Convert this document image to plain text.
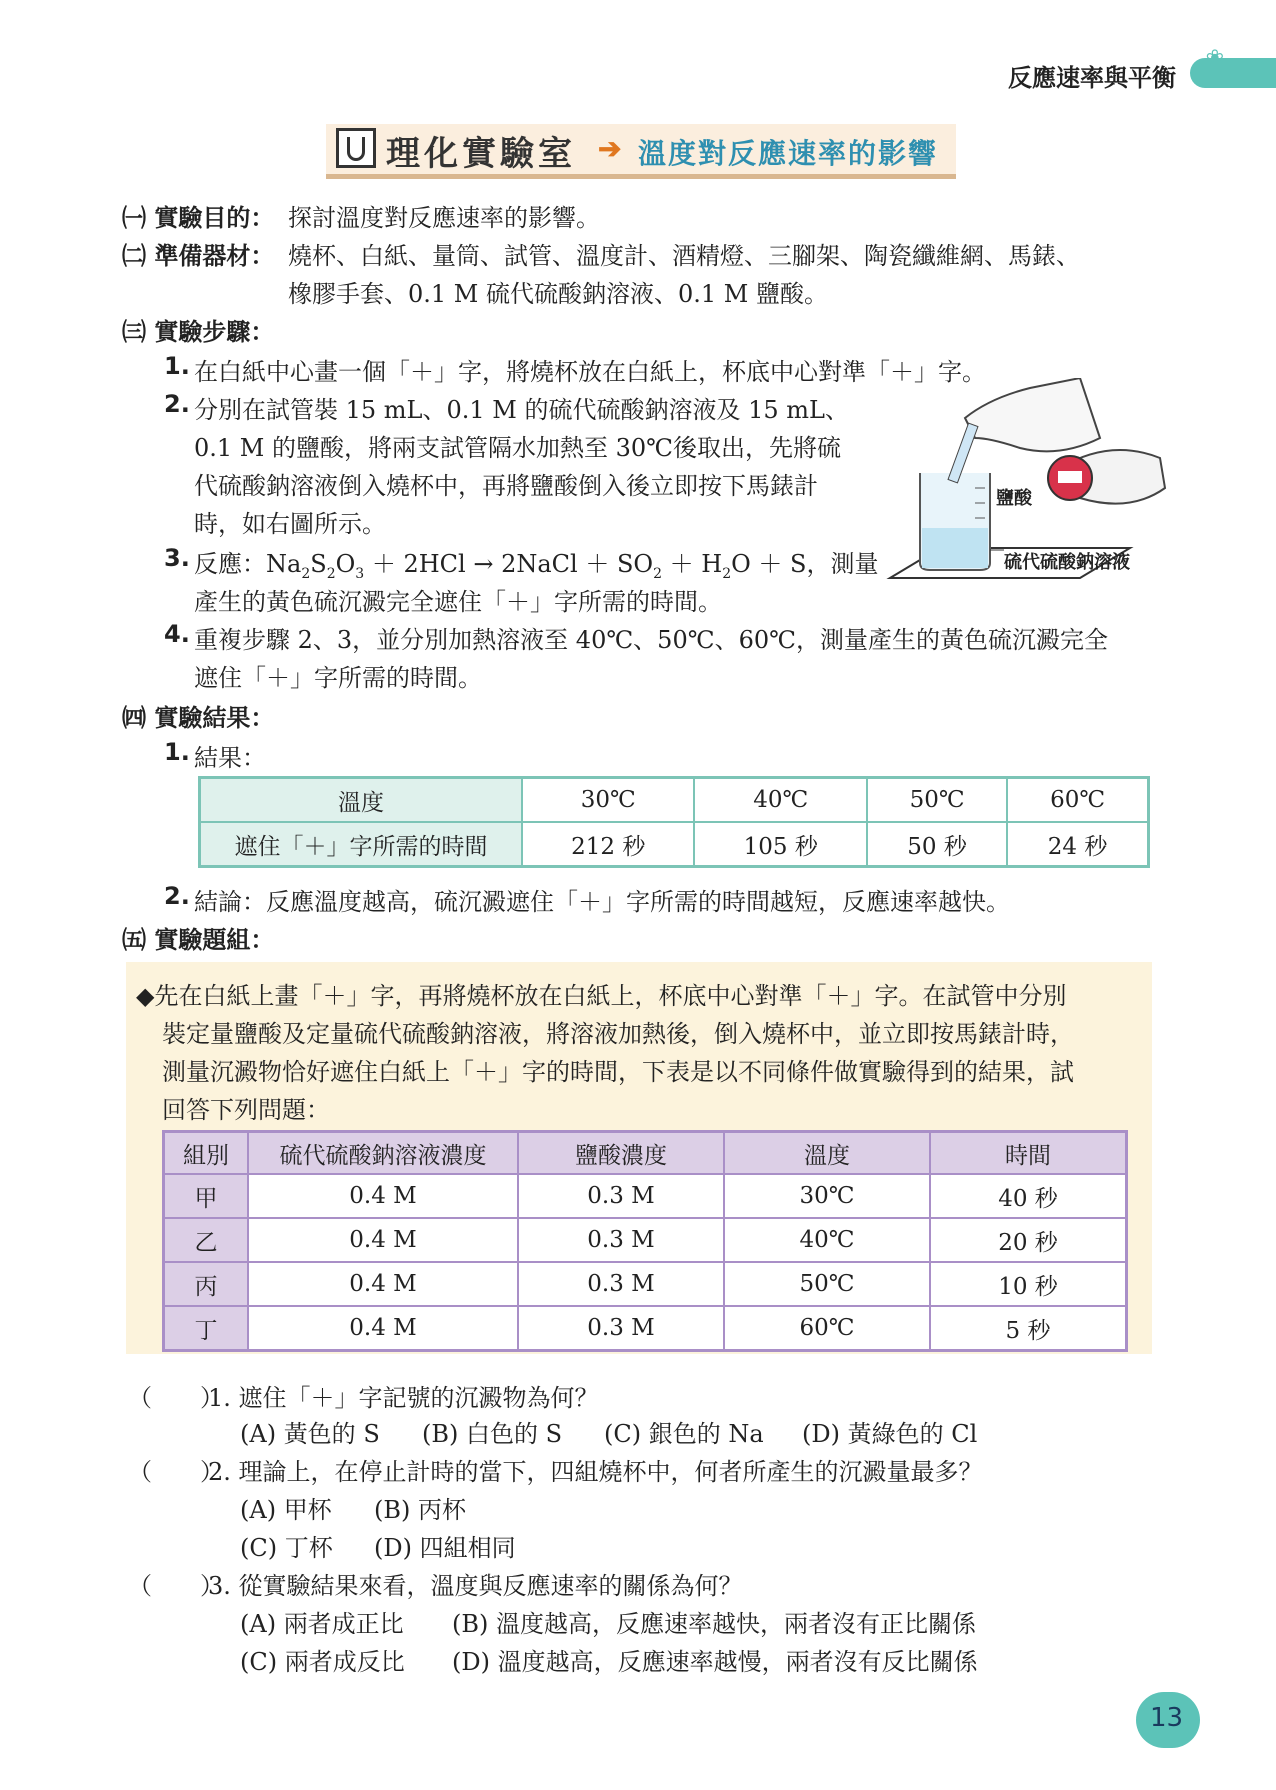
反應速率與平衡
❀
理化實驗室 ➔ 溫度對反應速率的影響
㈠ 實驗目的： 探討溫度對反應速率的影響。
㈡ 準備器材： 燒杯、白紙、量筒、試管、溫度計、酒精燈、三腳架、陶瓷纖維網、馬錶、
橡膠手套、0.1 M 硫代硫酸鈉溶液、0.1 M 鹽酸。
㈢ 實驗步驟：
1. 在白紙中心畫一個「＋」字，將燒杯放在白紙上，杯底中心對準「＋」字。
2. 分別在試管裝 15 mL、0.1 M 的硫代硫酸鈉溶液及 15 mL、
0.1 M 的鹽酸，將兩支試管隔水加熱至 30℃後取出，先將硫
代硫酸鈉溶液倒入燒杯中，再將鹽酸倒入後立即按下馬錶計
時，如右圖所示。
3. 反應：$Na_2S_2O_3 + 2HCl$ → 2NaCl ＋ $SO_2 + H_2O + S$，測量
產生的黃色硫沉澱完全遮住「＋」字所需的時間。
4. 重複步驟 2、3，並分別加熱溶液至 40℃、50℃、60℃，測量產生的黃色硫沉澱完全
遮住「＋」字所需的時間。
鹽酸
硫代硫酸鈉溶液
㈣ 實驗結果：
1. 結果：
溫度	30℃	40℃	50℃	60℃
遮住「＋」字所需的時間	212 秒	105 秒	50 秒	24 秒
2. 結論：反應溫度越高，硫沉澱遮住「＋」字所需的時間越短，反應速率越快。
㈤ 實驗題組：
◆先在白紙上畫「＋」字，再將燒杯放在白紙上，杯底中心對準「＋」字。在試管中分別
裝定量鹽酸及定量硫代硫酸鈉溶液，將溶液加熱後，倒入燒杯中，並立即按馬錶計時，
測量沉澱物恰好遮住白紙上「＋」字的時間，下表是以不同條件做實驗得到的結果，試
回答下列問題：
組別	硫代硫酸鈉溶液濃度	鹽酸濃度	溫度	時間
甲	0.4 M	0.3 M	30℃	40 秒
乙	0.4 M	0.3 M	40℃	20 秒
丙	0.4 M	0.3 M	50℃	10 秒
丁	0.4 M	0.3 M	60℃	5 秒
（　　）
1. 遮住「＋」字記號的沉澱物為何？
(A) 黃色的 S (B) 白色的 S (C) 銀色的 Na (D) 黃綠色的 Cl
（　　）
2. 理論上，在停止計時的當下，四組燒杯中，何者所產生的沉澱量最多？
(A) 甲杯 (B) 丙杯
(C) 丁杯 (D) 四組相同
（　　）
3. 從實驗結果來看，溫度與反應速率的關係為何？
(A) 兩者成正比 (B) 溫度越高，反應速率越快，兩者沒有正比關係
(C) 兩者成反比 (D) 溫度越高，反應速率越慢，兩者沒有反比關係
13
